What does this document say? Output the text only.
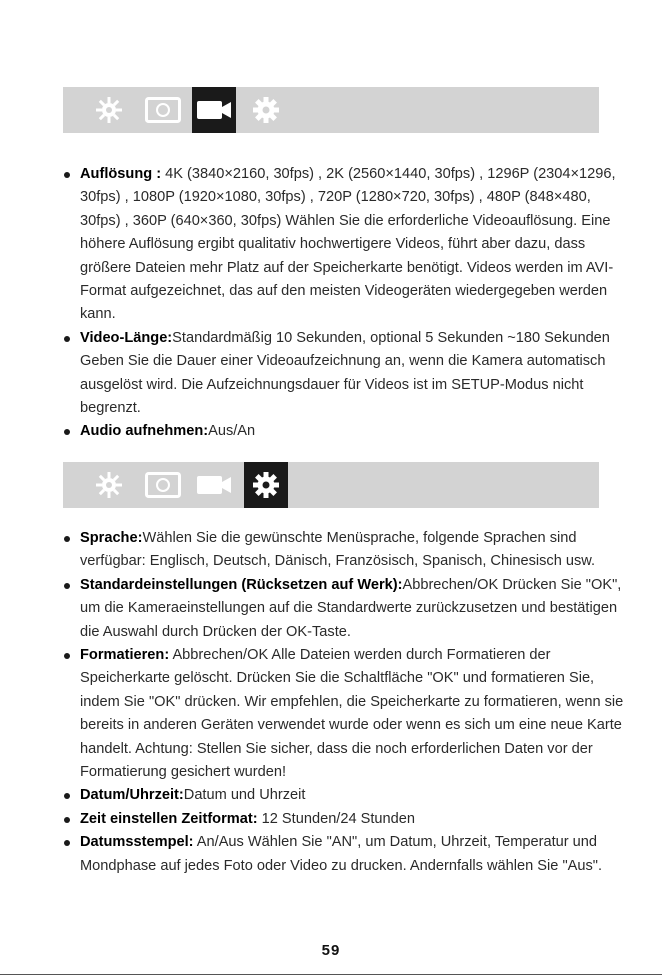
Auflösung : 4K (3840×2160, 30fps) , 2K (2560×1440, 30fps) , 1296P (2304×1296, 30fps) , 1080P (1920×1080, 30fps) , 720P (1280×720, 30fps) , 480P (848×480, 30fps) , 360P (640×360, 30fps) Wählen Sie die erforderliche Videoauflösung. Eine höhere Auflösung ergibt qualitativ hochwertigere Videos, führt aber dazu, dass größere Dateien mehr Platz auf der Speicherkarte benötigt. Videos werden im AVI-Format aufgezeichnet, das auf den meisten Videogeräten wiedergegeben werden kann.
Video-Länge:Standardmäßig 10 Sekunden, optional 5 Sekunden ~180 Sekunden Geben Sie die Dauer einer Videoaufzeichnung an, wenn die Kamera automatisch ausgelöst wird. Die Aufzeichnungsdauer für Videos ist im SETUP-Modus nicht begrenzt.
Audio aufnehmen:Aus/An
Sprache:Wählen Sie die gewünschte Menüsprache, folgende Sprachen sind verfügbar: Englisch, Deutsch, Dänisch, Französisch, Spanisch, Chinesisch usw.
Standardeinstellungen (Rücksetzen auf Werk):Abbrechen/OK Drücken Sie "OK", um die Kameraeinstellungen auf die Standardwerte zurückzusetzen und bestätigen die Auswahl durch Drücken der OK-Taste.
Formatieren: Abbrechen/OK Alle Dateien werden durch Formatieren der Speicherkarte gelöscht. Drücken Sie die Schaltfläche "OK" und formatieren Sie, indem Sie "OK" drücken. Wir empfehlen, die Speicherkarte zu formatieren, wenn sie bereits in anderen Geräten verwendet wurde oder wenn es sich um eine neue Karte handelt. Achtung: Stellen Sie sicher, dass die noch erforderlichen Daten vor der Formatierung gesichert wurden!
Datum/Uhrzeit:Datum und Uhrzeit
Zeit einstellen Zeitformat: 12 Stunden/24 Stunden
Datumsstempel: An/Aus Wählen Sie "AN", um Datum, Uhrzeit, Temperatur und Mondphase auf jedes Foto oder Video zu drucken. Andernfalls wählen Sie "Aus".
59
